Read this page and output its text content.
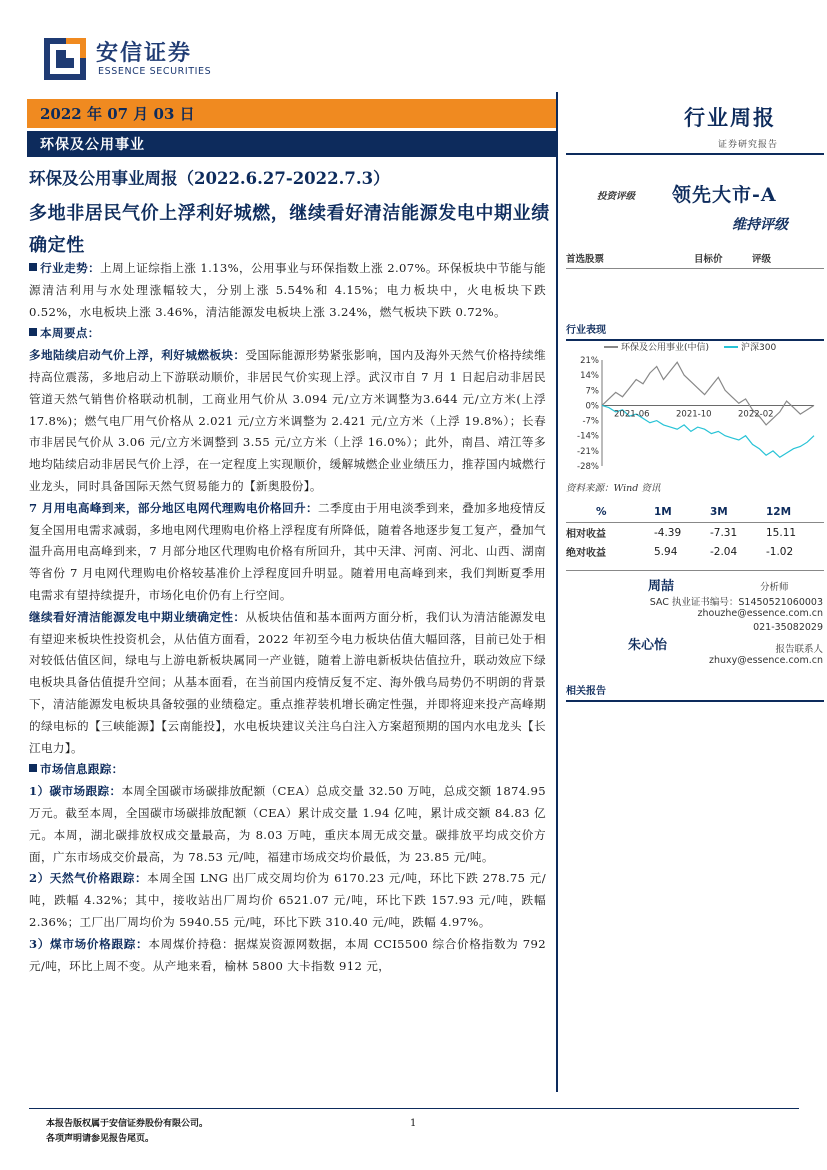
安信证券
ESSENCE SECURITIES
2022 年 07 月 03 日
环保及公用事业
行业周报
证券研究报告
环保及公用事业周报（2022.6.27-2022.7.3）
多地非居民气价上浮利好城燃，继续看好清洁能源发电中期业绩确定性

行业走势：上周上证综指上涨 1.13%，公用事业与环保指数上涨 2.07%。环保板块中节能与能源清洁利用与水处理涨幅较大，分别上涨 5.54%和 4.15%；电力板块中，火电板块下跌 0.52%，水电板块上涨 3.46%，清洁能源发电板块上涨 3.24%，燃气板块下跌 0.72%。

本周要点：

多地陆续启动气价上浮，利好城燃板块：受国际能源形势紧张影响，国内及海外天然气价格持续维持高位震荡，多地启动上下游联动顺价，非居民气价实现上浮。武汉市自 7 月 1 日起启动非居民管道天然气销售价格联动机制，工商业用气价从 3.094 元/立方米调整为3.644 元/立方米(上浮 17.8%)；燃气电厂用气价格从 2.021 元/立方米调整为 2.421 元/立方米（上浮 19.8%）；长春市非居民气价从 3.06 元/立方米调整到 3.55 元/立方米（上浮 16.0%）；此外，南昌、靖江等多地均陆续启动非居民气价上浮，在一定程度上实现顺价，缓解城燃企业业绩压力，推荐国内城燃行业龙头，同时具备国际天然气贸易能力的【新奥股份】。

7 月用电高峰到来，部分地区电网代理购电价格回升：二季度由于用电淡季到来，叠加多地疫情反复全国用电需求减弱，多地电网代理购电价格上浮程度有所降低，随着各地逐步复工复产，叠加气温升高用电高峰到来，7 月部分地区代理购电价格有所回升，其中天津、河南、河北、山西、湖南等省份 7 月电网代理购电价格较基准价上浮程度回升明显。随着用电高峰到来，我们判断夏季用电需求有望持续提升，市场化电价仍有上行空间。

继续看好清洁能源发电中期业绩确定性：从板块估值和基本面两方面分析，我们认为清洁能源发电有望迎来板块性投资机会，从估值方面看，2022 年初至今电力板块估值大幅回落，目前已处于相对较低估值区间，绿电与上游电新板块属同一产业链，随着上游电新板块估值拉升，联动效应下绿电板块具备估值提升空间；从基本面看，在当前国内疫情反复不定、海外俄乌局势仍不明朗的背景下，清洁能源发电板块具备较强的业绩稳定。重点推荐装机增长确定性强，并即将迎来投产高峰期的绿电标的【三峡能源】【云南能投】，水电板块建议关注乌白注入方案超预期的国内水电龙头【长江电力】。

市场信息跟踪：

1）碳市场跟踪：本周全国碳市场碳排放配额（CEA）总成交量 32.50 万吨，总成交额 1874.95 万元。截至本周，全国碳市场碳排放配额（CEA）累计成交量 1.94 亿吨，累计成交额 84.83 亿元。本周，湖北碳排放权成交量最高，为 8.03 万吨，重庆本周无成交量。碳排放平均成交价方面，广东市场成交价最高，为 78.53 元/吨，福建市场成交均价最低，为 23.85 元/吨。

2）天然气价格跟踪：本周全国 LNG 出厂成交周均价为 6170.23 元/吨，环比下跌 278.75 元/吨，跌幅 4.32%；其中，接收站出厂周均价 6521.07 元/吨，环比下跌 157.93 元/吨，跌幅 2.36%；工厂出厂周均价为 5940.55 元/吨，环比下跌 310.40 元/吨，跌幅 4.97%。

3）煤市场价格跟踪：本周煤价持稳：据煤炭资源网数据，本周 CCI5500 综合价格指数为 792 元/吨，环比上周不变。从产地来看，榆林 5800 大卡指数 912 元，

投资评级 领先大市-A
维持评级
首选股票	目标价	评级
行业表现
环保及公用事业(中信)	沪深300
21%
14%
7%
0%
-7%
-14%
-21%
-28%
2021-06	2021-10	2022-02
资料来源：Wind 资讯
%	1M	3M	12M
相对收益	-4.39	-7.31	15.11
绝对收益	5.94	-2.04	-1.02
周喆	分析师
SAC 执业证书编号：S1450521060003
zhouzhe@essence.com.cn
021-35082029
朱心怡	报告联系人
zhuxy@essence.com.cn
相关报告
本报告版权属于安信证券股份有限公司。
各项声明请参见报告尾页。
1
